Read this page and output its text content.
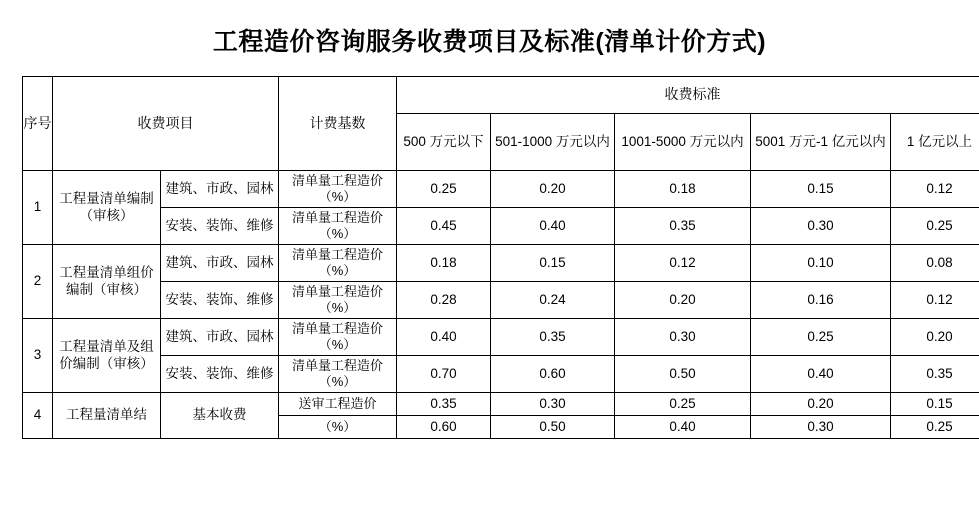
工程造价咨询服务收费项目及标准(清单计价方式)
序号	收费项目		计费基数	收费标准				
				500 万元以下	501-1000 万元以内	1001-5000 万元以内	5001 万元-1 亿元以内	1 亿元以上
1	工程量清单编制（审核）	建筑、市政、园林	清单量工程造价（%）	0.25	0.20	0.18	0.15	0.12
		安装、装饰、维修	清单量工程造价（%）	0.45	0.40	0.35	0.30	0.25
2	工程量清单组价编制（审核）	建筑、市政、园林	清单量工程造价（%）	0.18	0.15	0.12	0.10	0.08
		安装、装饰、维修	清单量工程造价（%）	0.28	0.24	0.20	0.16	0.12
3	工程量清单及组价编制（审核）	建筑、市政、园林	清单量工程造价（%）	0.40	0.35	0.30	0.25	0.20
		安装、装饰、维修	清单量工程造价（%）	0.70	0.60	0.50	0.40	0.35
4	工程量清单结	基本收费	送审工程造价	0.35	0.30	0.25	0.20	0.15
			（%）	0.60	0.50	0.40	0.30	0.25
